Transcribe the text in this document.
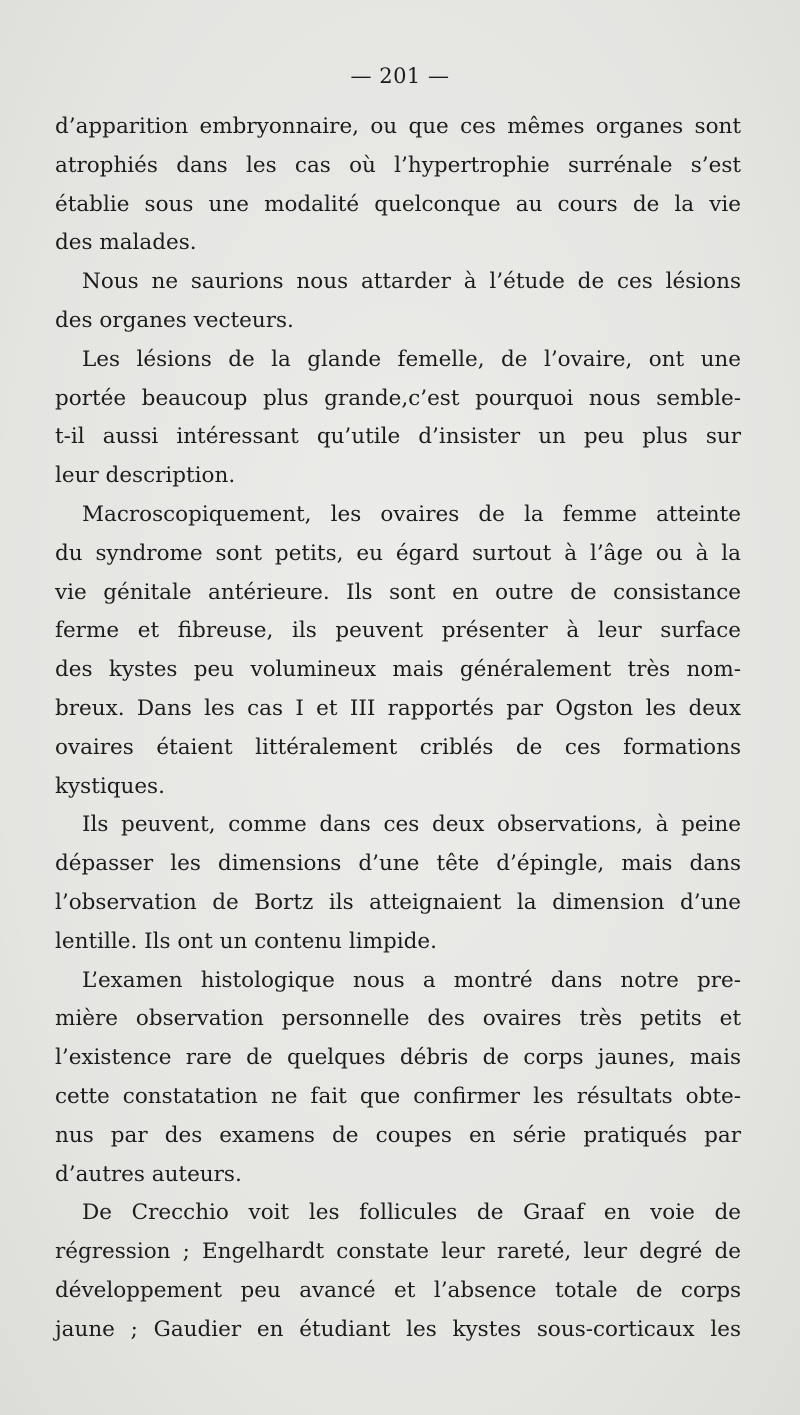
— 201 —
d’apparition embryonnaire, ou que ces mêmes organes sont
atrophiés dans les cas où l’hypertrophie surrénale s’est
établie sous une modalité quelconque au cours de la vie
des malades.
Nous ne saurions nous attarder à l’étude de ces lésions
des organes vecteurs.
Les lésions de la glande femelle, de l’ovaire, ont une
portée beaucoup plus grande,c’est pourquoi nous semble-
t-il aussi intéressant qu’utile d’insister un peu plus sur
leur description.
Macroscopiquement, les ovaires de la femme atteinte
du syndrome sont petits, eu égard surtout à l’âge ou à la
vie génitale antérieure. Ils sont en outre de consistance
ferme et fibreuse, ils peuvent présenter à leur surface
des kystes peu volumineux mais généralement très nom-
breux. Dans les cas I et III rapportés par Ogston les deux
ovaires étaient littéralement criblés de ces formations
kystiques.
Ils peuvent, comme dans ces deux observations, à peine
dépasser les dimensions d’une tête d’épingle, mais dans
l’observation de Bortz ils atteignaient la dimension d’une
lentille. Ils ont un contenu limpide.
L’examen histologique nous a montré dans notre pre-
mière observation personnelle des ovaires très petits et
l’existence rare de quelques débris de corps jaunes, mais
cette constatation ne fait que confirmer les résultats obte-
nus par des examens de coupes en série pratiqués par
d’autres auteurs.
De Crecchio voit les follicules de Graaf en voie de
régression ; Engelhardt constate leur rareté, leur degré de
développement peu avancé et l’absence totale de corps
jaune ; Gaudier en étudiant les kystes sous-corticaux les
